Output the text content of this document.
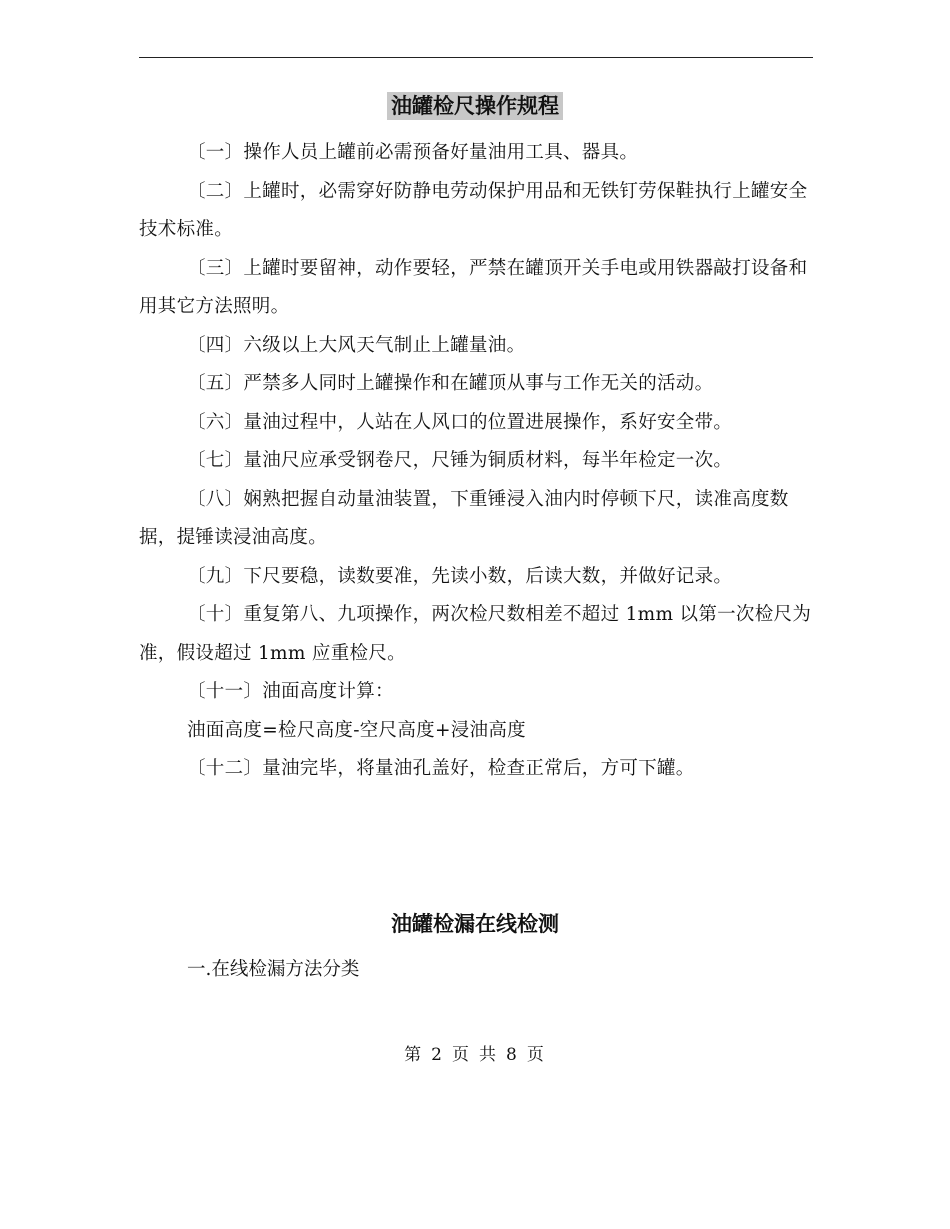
油罐检尺操作规程

〔一〕操作人员上罐前必需预备好量油用工具、器具。

〔二〕上罐时，必需穿好防静电劳动保护用品和无铁钉劳保鞋执行上罐安全技术标准。

〔三〕上罐时要留神，动作要轻，严禁在罐顶开关手电或用铁器敲打设备和用其它方法照明。

〔四〕六级以上大风天气制止上罐量油。

〔五〕严禁多人同时上罐操作和在罐顶从事与工作无关的活动。

〔六〕量油过程中，人站在人风口的位置进展操作，系好安全带。

〔七〕量油尺应承受钢卷尺，尺锤为铜质材料，每半年检定一次。

〔八〕娴熟把握自动量油装置，下重锤浸入油内时停顿下尺，读准高度数据，提锤读浸油高度。

〔九〕下尺要稳，读数要准，先读小数，后读大数，并做好记录。

〔十〕重复第八、九项操作，两次检尺数相差不超过 1mm 以第一次检尺为准，假设超过 1mm 应重检尺。

〔十一〕油面高度计算：

油面高度=检尺高度-空尺高度+浸油高度

〔十二〕量油完毕，将量油孔盖好，检查正常后，方可下罐。

油罐检漏在线检测

一.在线检漏方法分类

第 2 页 共 8 页
